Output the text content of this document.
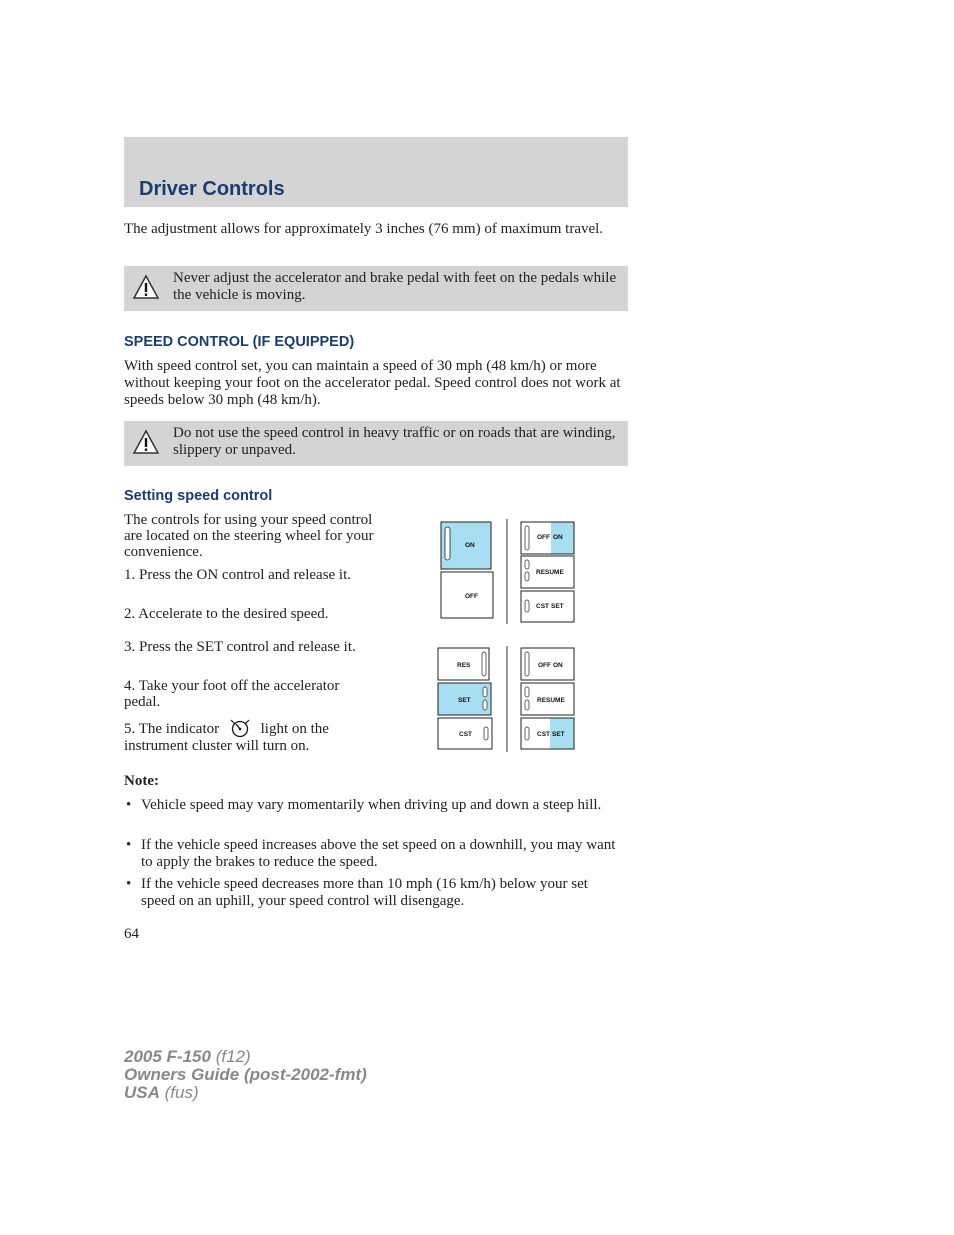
Driver Controls

The adjustment allows for approximately 3 inches (76 mm) of maximum travel.

Never adjust the accelerator and brake pedal with feet on the pedals while the vehicle is moving.
SPEED CONTROL (IF EQUIPPED)

With speed control set, you can maintain a speed of 30 mph (48 km/h) or more without keeping your foot on the accelerator pedal. Speed control does not work at speeds below 30 mph (48 km/h).

Do not use the speed control in heavy traffic or on roads that are winding, slippery or unpaved.
Setting speed control

The controls for using your speed control are located on the steering wheel for your convenience.

1. Press the ON control and release it.

2. Accelerate to the desired speed.

3. Press the SET control and release it.

4. Take your foot off the accelerator pedal.

5. The indicator	light on the
instrument cluster will turn on.
ON
OFF
OFF ON
RESUME
CST SET
RES
SET
CST
OFF ON
RESUME
CST SET
Note:
• Vehicle speed may vary momentarily when driving up and down a steep hill.
• If the vehicle speed increases above the set speed on a downhill, you may want to apply the brakes to reduce the speed.
• If the vehicle speed decreases more than 10 mph (16 km/h) below your set speed on an uphill, your speed control will disengage.
64
2005 F-150 (f12)
Owners Guide (post-2002-fmt)
USA (fus)
